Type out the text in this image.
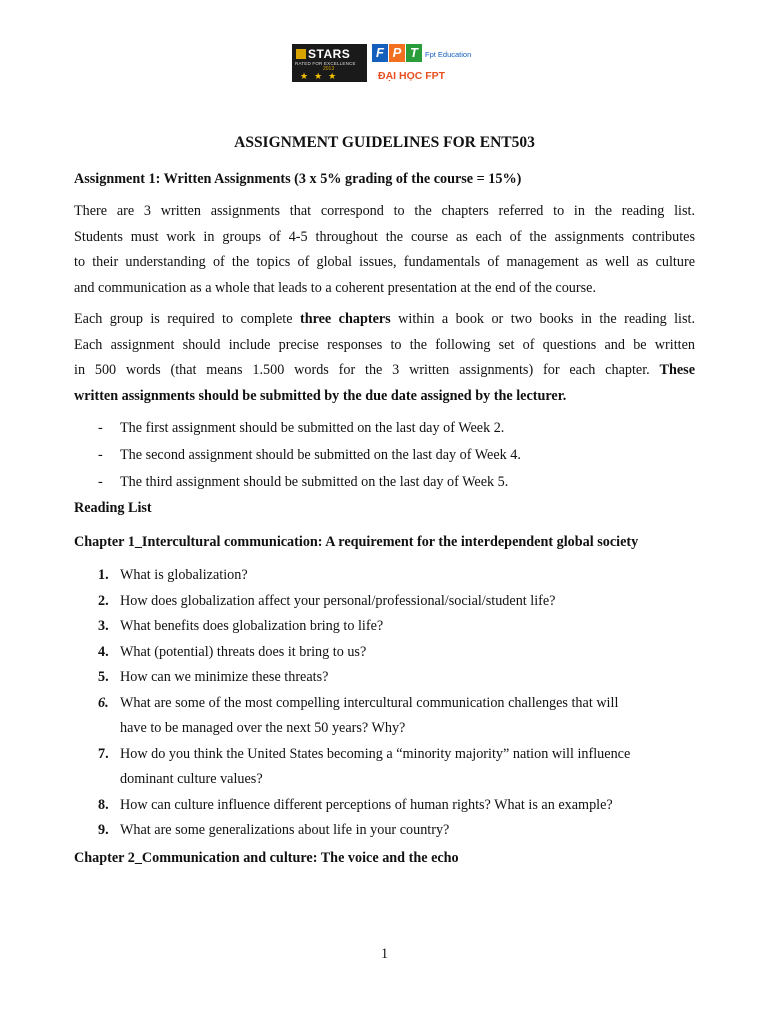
STARS
RATED FOR EXCELLENCE
2013
★★★
F P T Fpt Education
ĐẠI HỌC FPT
ASSIGNMENT GUIDELINES FOR ENT503
Assignment 1: Written Assignments (3 x 5% grading of the course = 15%)
There are 3 written assignments that correspond to the chapters referred to in the reading list.
Students must work in groups of 4-5 throughout the course as each of the assignments contributes
to their understanding of the topics of global issues, fundamentals of management as well as culture
and communication as a whole that leads to a coherent presentation at the end of the course.
Each group is required to complete three chapters within a book or two books in the reading list.
Each assignment should include precise responses to the following set of questions and be written
in 500 words (that means 1.500 words for the 3 written assignments) for each chapter. These
written assignments should be submitted by the due date assigned by the lecturer.
Reading List
Chapter 1_Intercultural communication: A requirement for the interdependent global society
Chapter 2_Communication and culture: The voice and the echo
1
- The first assignment should be submitted on the last day of Week 2.
- The second assignment should be submitted on the last day of Week 4.
- The third assignment should be submitted on the last day of Week 5.
1. What is globalization?
2. How does globalization affect your personal/professional/social/student life?
3. What benefits does globalization bring to life?
4. What (potential) threats does it bring to us?
5. How can we minimize these threats?
6. What are some of the most compelling intercultural communication challenges that will
have to be managed over the next 50 years? Why?
7. How do you think the United States becoming a “minority majority” nation will influence
dominant culture values?
8. How can culture influence different perceptions of human rights? What is an example?
9. What are some generalizations about life in your country?
